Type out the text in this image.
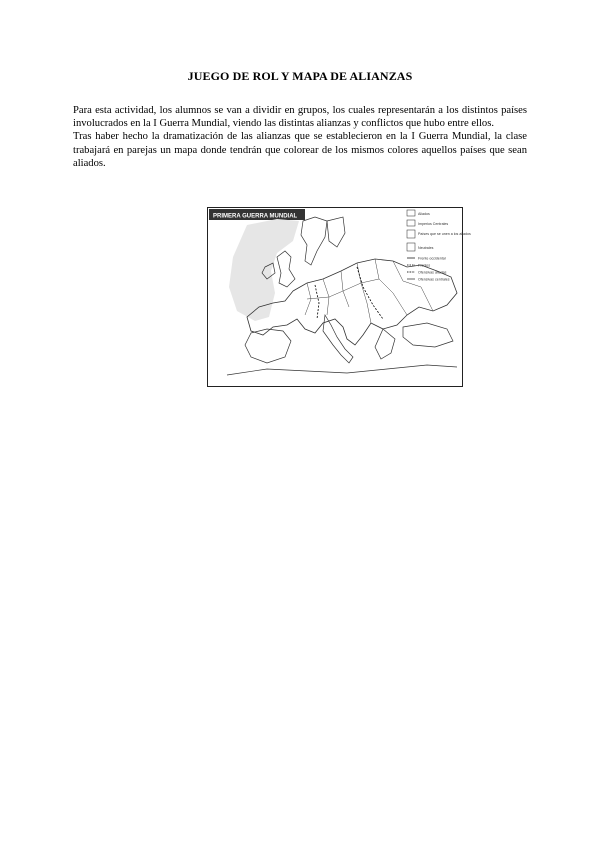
JUEGO DE ROL Y MAPA DE ALIANZAS

Para esta actividad, los alumnos se van a dividir en grupos, los cuales representarán a los distintos países involucrados en la I Guerra Mundial, viendo las distintas alianzas y conflictos que hubo entre ellos.

Tras haber hecho la dramatización de las alianzas que se establecieron en la I Guerra Mundial, la clase trabajará en parejas un mapa donde tendrán que colorear de los mismos colores aquellos países que sean aliados.

PRIMERA GUERRA MUNDIAL	Aliados
Imperios Centrales
Países que se unen a los aliados
Neutrales
Frente occidental
Frentes
Ofensivas aliadas
Ofensivas centrales
